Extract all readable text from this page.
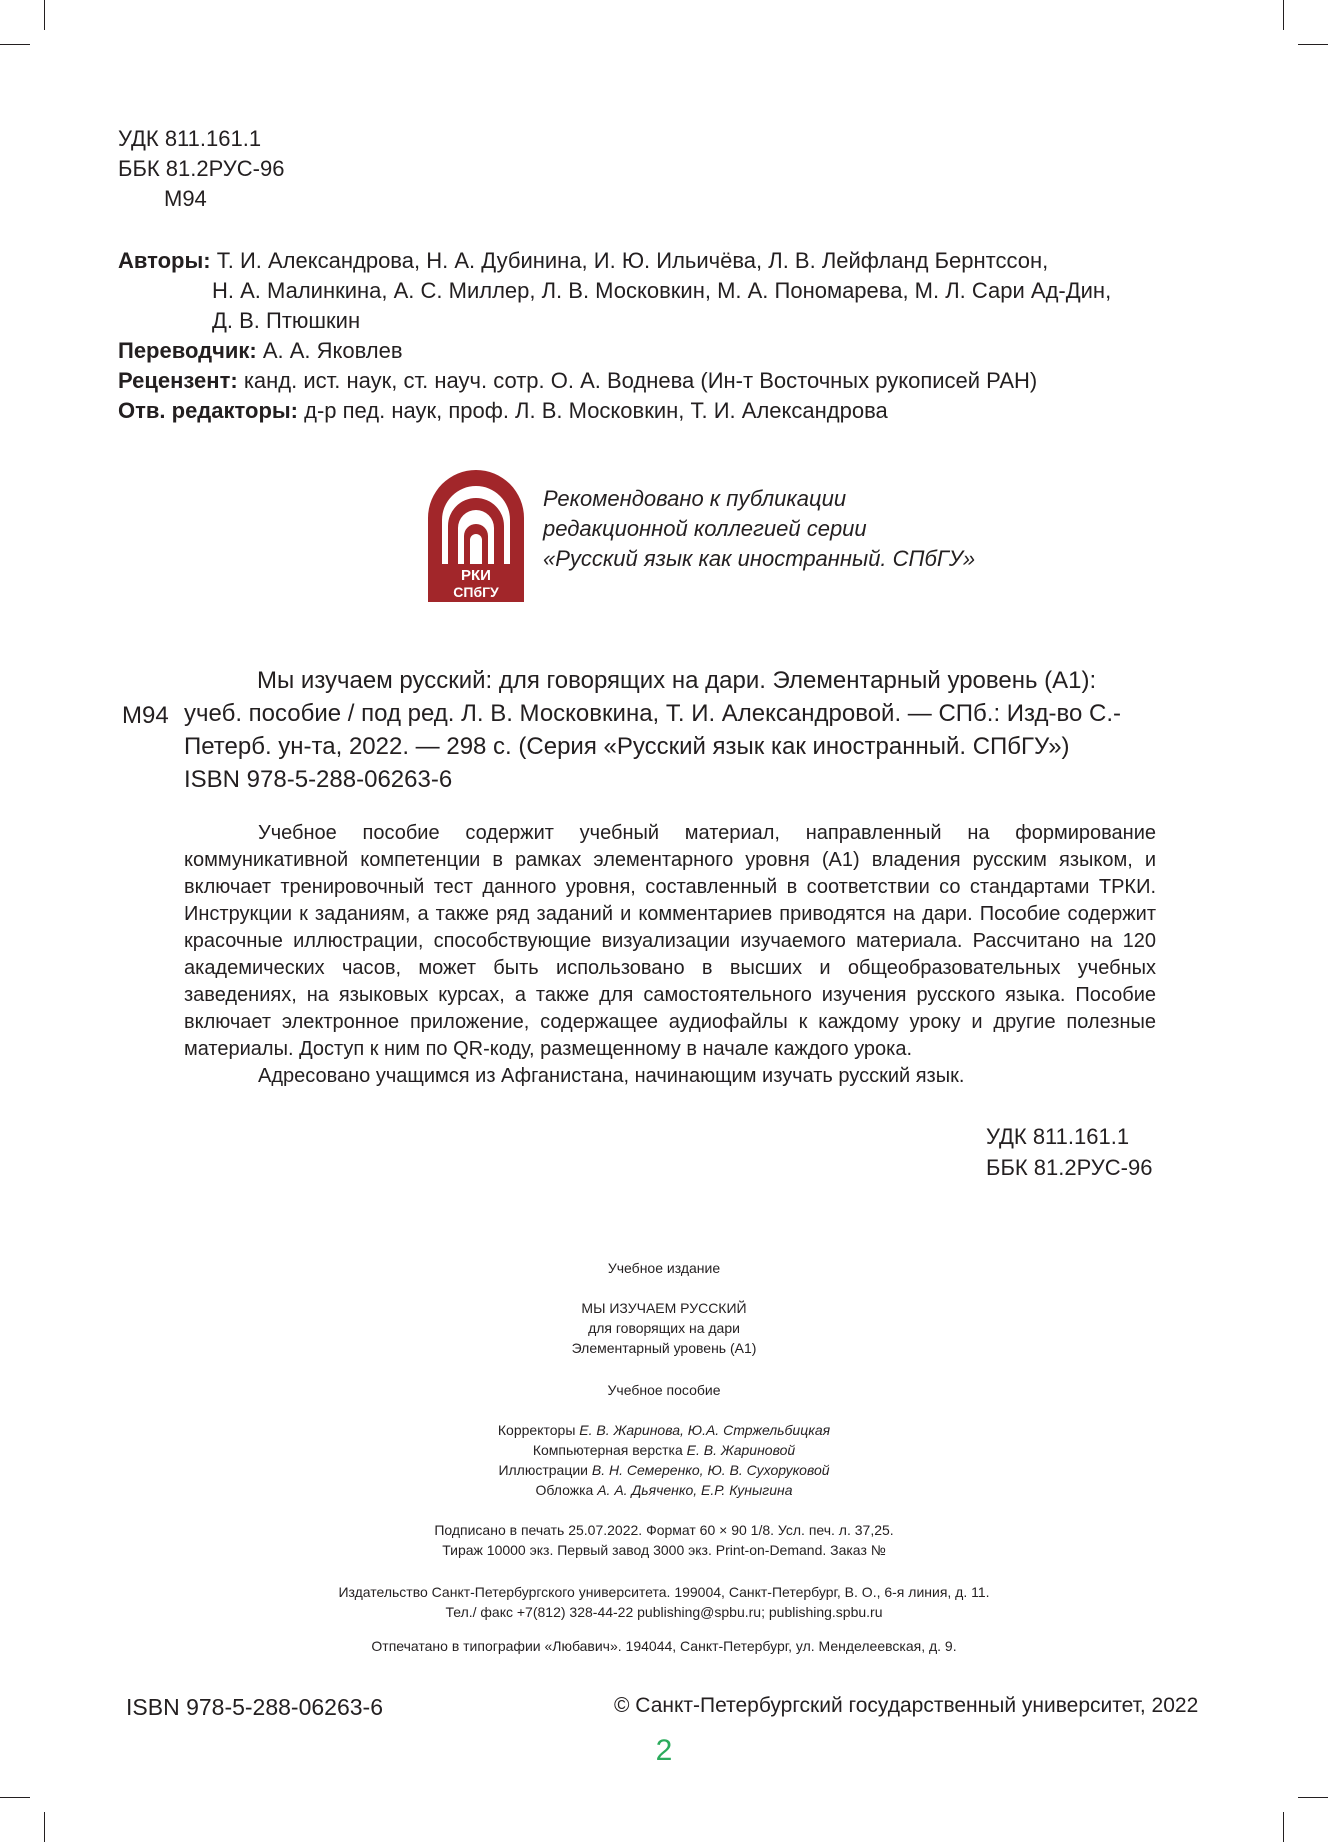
УДК 811.161.1
ББК 81.2РУС-96
М94
Авторы: Т. И. Александрова, Н. А. Дубинина, И. Ю. Ильичёва, Л. В. Лейфланд Бернтссон,
Н. А. Малинкина, А. С. Миллер, Л. В. Московкин, М. А. Пономарева, М. Л. Сари Ад-Дин,
Д. В. Птюшкин
Переводчик: А. А. Яковлев
Рецензент: канд. ист. наук, ст. науч. сотр. О. А. Воднева (Ин-т Восточных рукописей РАН)
Отв. редакторы: д-р пед. наук, проф. Л. В. Московкин, Т. И. Александрова
РКИ
СПбГУ
Рекомендовано к публикации
редакционной коллегией серии
«Русский язык как иностранный. СПбГУ»
М94
Мы изучаем русский: для говорящих на дари. Элементарный уровень (А1):
учеб. пособие / под ред. Л. В. Московкина, Т. И. Александровой. — СПб.: Изд-во С.-
Петерб. ун-та, 2022. — 298 с. (Серия «Русский язык как иностранный. СПбГУ»)
ISBN 978-5-288-06263-6

Учебное пособие содержит учебный материал, направленный на формирование коммуникативной компетенции в рамках элементарного уровня (А1) владения русским языком, и включает тренировочный тест данного уровня, составленный в соответствии со стандартами ТРКИ. Инструкции к заданиям, а также ряд заданий и комментариев приводятся на дари. Пособие содержит красочные иллюстрации, способствующие визуализации изучаемого материала. Рассчитано на 120 академических часов, может быть использовано в высших и общеобразовательных учебных заведениях, на языковых курсах, а также для самостоятельного изучения русского языка. Пособие включает электронное приложение, содержащее аудиофайлы к каждому уроку и другие полезные материалы. Доступ к ним по QR-коду, размещенному в начале каждого урока.

Адресовано учащимся из Афганистана, начинающим изучать русский язык.

УДК 811.161.1
ББК 81.2РУС-96
Учебное издание
МЫ ИЗУЧАЕМ РУССКИЙ
для говорящих на дари
Элементарный уровень (А1)
Учебное пособие
Корректоры Е. В. Жаринова, Ю.А. Стржельбицкая
Компьютерная верстка Е. В. Жариновой
Иллюстрации В. Н. Семеренко, Ю. В. Сухоруковой
Обложка А. А. Дьяченко, Е.Р. Куныгина
Подписано в печать 25.07.2022. Формат 60 × 90 1/8. Усл. печ. л. 37,25.
Тираж 10000 экз. Первый завод 3000 экз. Print-on-Demand. Заказ №
Издательство Санкт-Петербургского университета. 199004, Санкт-Петербург, В. О., 6-я линия, д. 11.
Тел./ факс +7(812) 328-44-22 publishing@spbu.ru; publishing.spbu.ru
Отпечатано в типографии «Любавич». 194044, Санкт-Петербург, ул. Менделеевская, д. 9.
ISBN 978-5-288-06263-6	© Санкт-Петербургский государственный университет, 2022
2
